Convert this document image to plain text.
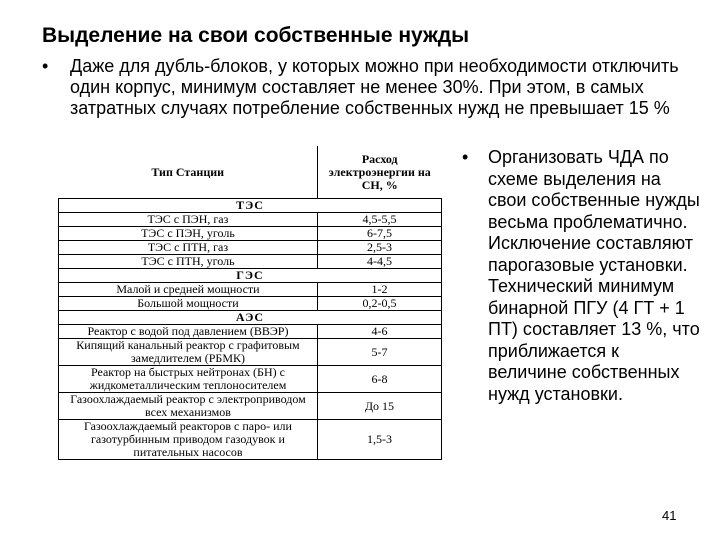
Выделение на свои собственные нужды
• Даже для дубль-блоков, у которых можно при необходимости отключить один корпус, минимум составляет не менее 30%. При этом, в самых затратных случаях потребление собственных нужд не превышает 15 %
Тип Станции	Расход электроэнергии на СН, %
ТЭС	
ТЭС с ПЭН, газ	4,5-5,5
ТЭС с ПЭН, уголь	6-7,5
ТЭС с ПТН, газ	2,5-3
ТЭС с ПТН, уголь	4-4,5
ГЭС	
Малой и средней мощности	1-2
Большой мощности	0,2-0,5
АЭС	
Реактор с водой под давлением (ВВЭР)	4-6
Кипящий канальный реактор с графитовым замедлителем (РБМК)	5-7
Реактор на быстрых нейтронах (БН) с жидкометаллическим теплоносителем	6-8
Газоохлаждаемый реактор с электроприводом всех механизмов	До 15
Газоохлаждаемый реакторов с паро- или газотурбинным приводом газодувок и питательных насосов	1,5-3
• Организовать ЧДА по схеме выделения на свои собственные нужды весьма проблематично. Исключение составляют парогазовые установки. Технический минимум бинарной ПГУ (4 ГТ + 1 ПТ) составляет 13 %, что приближается к величине собственных нужд установки.
41
